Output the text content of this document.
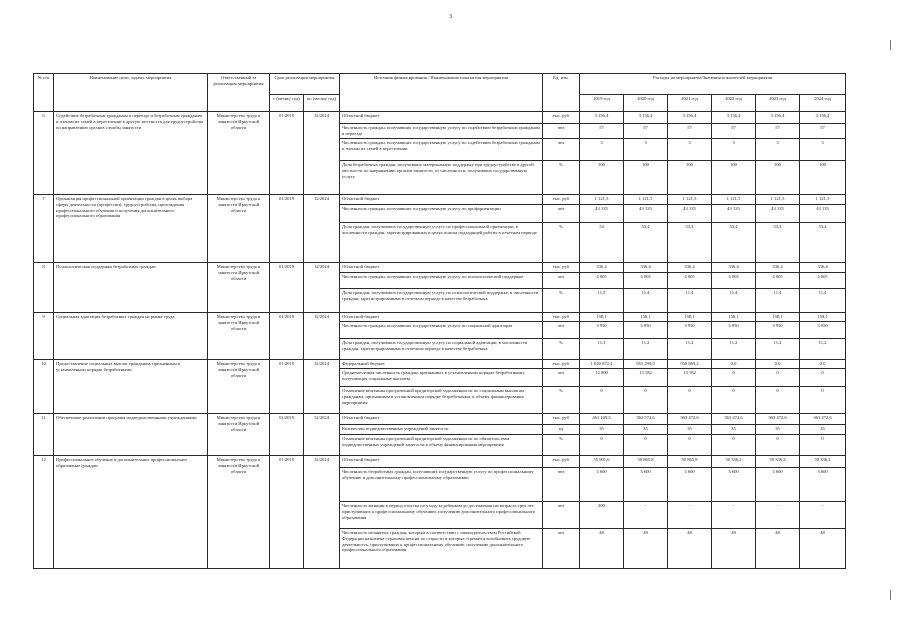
3
№ п/п	Наименование цели, задачи, мероприятия	Ответственный за реализацию мероприятия	Срок реализации мероприятия		Источник финансирования / Наименование показателя мероприятия	Ед. изм.	Расходы на мероприятие/Значения показателей мероприятия					
			с (месяц/ год)	по (месяц/ год)			2019 год	2020 год	2021 год	2022 год	2023 год	2024 год
6	Содействие безработным гражданам в переезде и безработным гражданам и членам их семей в переселении в другую местность для трудоустройства по направлению органов службы занятости	Министерство труда и занятости Иркутской области	01/2019	12/2024	Областной бюджет	тыс. руб	3 156,4	3 156,4	3 156,4	3 156,4	3 156,4	3 156,4
					Численность граждан, получивших государственную услугу по содействию безработным гражданам в переезде	чел	57	57	57	57	57	57
					Численность граждан, получивших государственную услугу по содействию безработным гражданам и членам их семей в переселении	чел	3	3	3	3	3	3
					Доля безработных граждан, получивших материальную поддержку при трудоустройстве в другой местности по направлению органов занятости, от численности, получивших государственную услугу	%	100	100	100	100	100	100
7	Организация профессиональной ориентации граждан в целях выбора сферы деятельности (профессии), трудоустройства, прохождения профессионального обучения и получения дополнительного профессионального образования	Министерство труда и занятости Иркутской области	01/2019	12/2024	Областной бюджет	тыс. руб	1 121,5	1 121,5	1 121,5	1 121,5	1 121,5	1 121,5
					Численность граждан, получивших государственную услугу по профориентации	чел	43 135	43 135	43 135	43 135	43 135	43 135
					Доля граждан, получивших государственную услугу по профессиональной ориентации, в численности граждан, зарегистрированных в целях поиска подходящей работы в отчетном периоде	%	54	53,4	53,4	53,4	53,4	53,4
8	Психологическая поддержка безработных граждан	Министерство труда и занятости Иркутской области	01/2019	12/2024	Областной бюджет	тыс. руб	336,4	336,4	336,4	336,4	336,4	336,4
					Численность граждан, получивших государственную услугу по психологической поддержке	чел	4 005	4 005	4 005	4 005	4 005	4 005
					Доля граждан, получивших государственную услугу по психологической поддержке, в численности граждан, зарегистрированных в отчетном периоде в качестве безработных	%	11,5	11,4	11,4	11,4	11,4	11,4
9	Социальная адаптация безработных граждан на рынке труда	Министерство труда и занятости Иркутской области	01/2019	12/2024	Областной бюджет	тыс. руб	158,1	158,1	158,1	158,1	158,1	158,1
					Численность граждан, получивших государственную услугу по социальной адаптации	чел	3 950	3 950	3 950	3 950	3 950	3 950
					Доля граждан, получивших государственную услугу по социальной адаптации, в численности граждан, зарегистрированных в отчетном периоде в качестве безработных	%	11,3	11,2	11,2	11,2	11,2	11,2
10	Предоставление социальных выплат гражданам, признанным в установленном порядке безработными	Министерство труда и занятости Иркутской области	01/2019	12/2024	Федеральный бюджет	тыс. руб	1 040 872,4	951 299,0	950 869,2	0,0	0,0	0,0
					Среднемесячная численность граждан, признанных в установленном порядке безработными, получающих социальные выплаты	чел	12 000	13 182	13 182	0	0	0
					Отношение величины просроченной кредиторской задолженности по социальным выплатам гражданам, признанным в установленном порядке безработными, к объему финансирования мероприятия	%	0	0	0	0	0	0
11	Обеспечение реализации программ подведомственными учреждениями	Министерство труда и занятости Иркутской области	01/2019	12/2024	Областной бюджет	тыс. руб	461 109,5	362 572,6	363 472,6	363 472,6	363 472,6	363 472,6
					Количество подведомственных учреждений занятости	ед	35	35	35	35	35	35
					Отношение величины просроченной кредиторской задолженности по обязательствам подведомственных учреждений занятости к объему финансирования мероприятия	%	0	0	0	0	0	0
12	Профессиональное обучение и дополнительное профессиональное образование граждан	Министерство труда и занятости Иркутской области	01/2019	12/2024	Областной бюджет	тыс. руб	55 901,6	50 865,8	50 865,8	50 336,2	50 336,2	50 336,2
					Численность безработных граждан, получивших государственную услугу по профессиональному обучению и дополнительному профессиональному образованию	чел	3 600	3 600	3 600	3 600	3 600	3 600
					Численность женщин в период отпуска по уходу за ребенком до достижения им возраста трех лет, приступивших к профессиональному обучению, получению дополнительного профессионального образования	чел	300	-	-	-	-	-
					Численность незанятых граждан, которым в соответствии с законодательством Российской Федерации назначена страховая пенсия по старости и которые стремятся возобновить трудовую деятельность, приступивших к профессиональному обучению, получению дополнительного профессионального образования	чел	48	48	48	48	48	48
